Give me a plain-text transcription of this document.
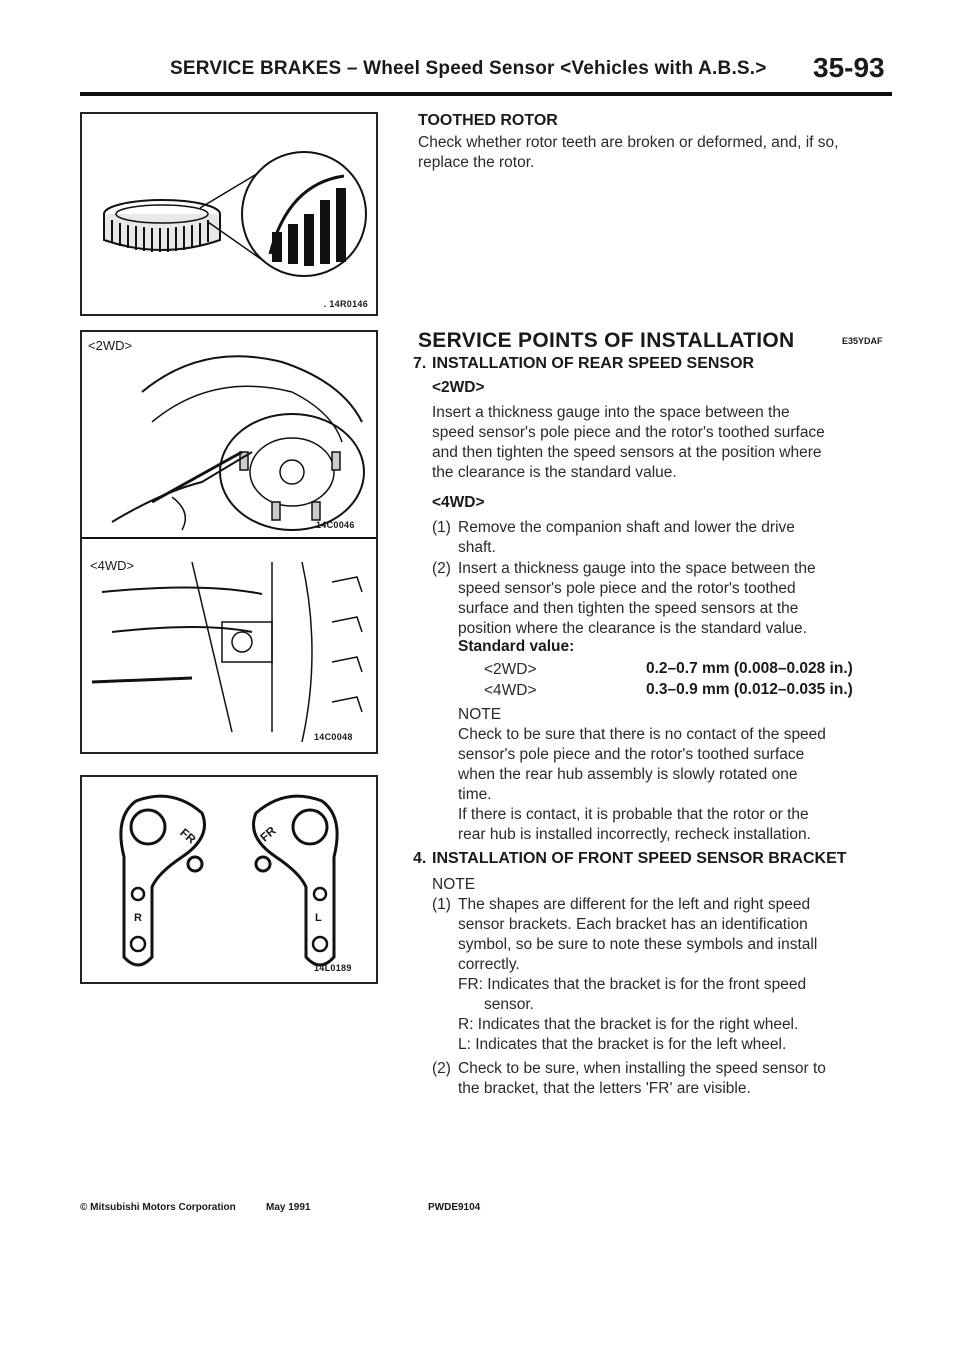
SERVICE BRAKES – Wheel Speed Sensor <Vehicles with A.B.S.> 35-93
. 14R0146
<2WD>
14C0046
<4WD>
14C0048
FR	FR
R	L
14L0189
TOOTHED ROTOR
Check whether rotor teeth are broken or deformed, and, if so,
replace the rotor.
SERVICE POINTS OF INSTALLATION	E35YDAF
7. INSTALLATION OF REAR SPEED SENSOR
<2WD>
Insert a thickness gauge into the space between the
speed sensor's pole piece and the rotor's toothed surface
and then tighten the speed sensors at the position where
the clearance is the standard value.
<4WD>
(1) Remove the companion shaft and lower the drive
shaft.
(2) Insert a thickness gauge into the space between the
speed sensor's pole piece and the rotor's toothed
surface and then tighten the speed sensors at the
position where the clearance is the standard value.
Standard value:
<2WD>	0.2–0.7 mm (0.008–0.028 in.)
<4WD>	0.3–0.9 mm (0.012–0.035 in.)
NOTE
Check to be sure that there is no contact of the speed
sensor's pole piece and the rotor's toothed surface
when the rear hub assembly is slowly rotated one
time.
If there is contact, it is probable that the rotor or the
rear hub is installed incorrectly, recheck installation.
4. INSTALLATION OF FRONT SPEED SENSOR BRACKET
NOTE
(1) The shapes are different for the left and right speed
sensor brackets. Each bracket has an identification
symbol, so be sure to note these symbols and install
correctly.
FR: Indicates that the bracket is for the front speed
sensor.
R: Indicates that the bracket is for the right wheel.
L: Indicates that the bracket is for the left wheel.
(2) Check to be sure, when installing the speed sensor to
the bracket, that the letters 'FR' are visible.
© Mitsubishi Motors Corporation	May 1991	PWDE9104
